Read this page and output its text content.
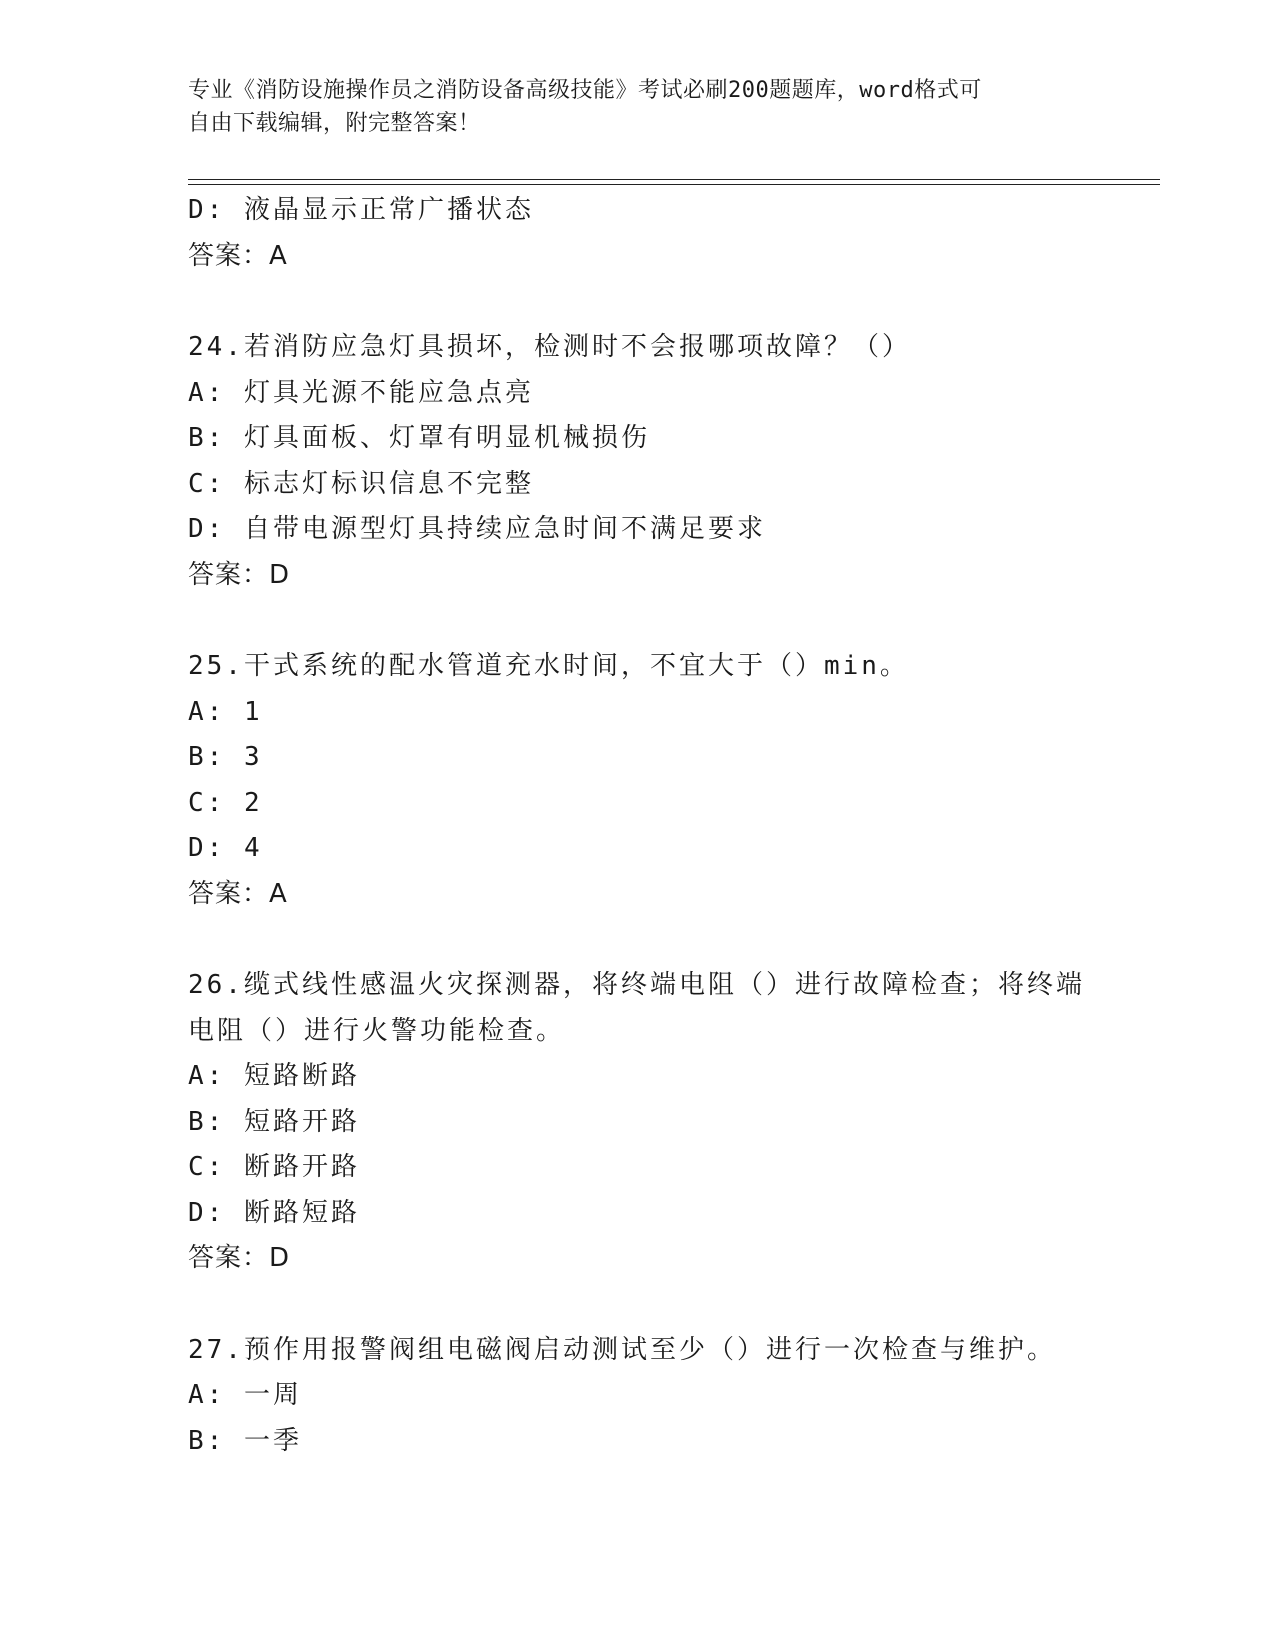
专业《消防设施操作员之消防设备高级技能》考试必刷200题题库，word格式可
自由下载编辑，附完整答案！
D: 液晶显示正常广播状态
答案：A
24.若消防应急灯具损坏，检测时不会报哪项故障？（）
A: 灯具光源不能应急点亮
B: 灯具面板、灯罩有明显机械损伤
C: 标志灯标识信息不完整
D: 自带电源型灯具持续应急时间不满足要求
答案：D
25.干式系统的配水管道充水时间，不宜大于（）min。
A: 1
B: 3
C: 2
D: 4
答案：A
26.缆式线性感温火灾探测器，将终端电阻（）进行故障检查；将终端
电阻（）进行火警功能检查。
A: 短路断路
B: 短路开路
C: 断路开路
D: 断路短路
答案：D
27.预作用报警阀组电磁阀启动测试至少（）进行一次检查与维护。
A: 一周
B: 一季
